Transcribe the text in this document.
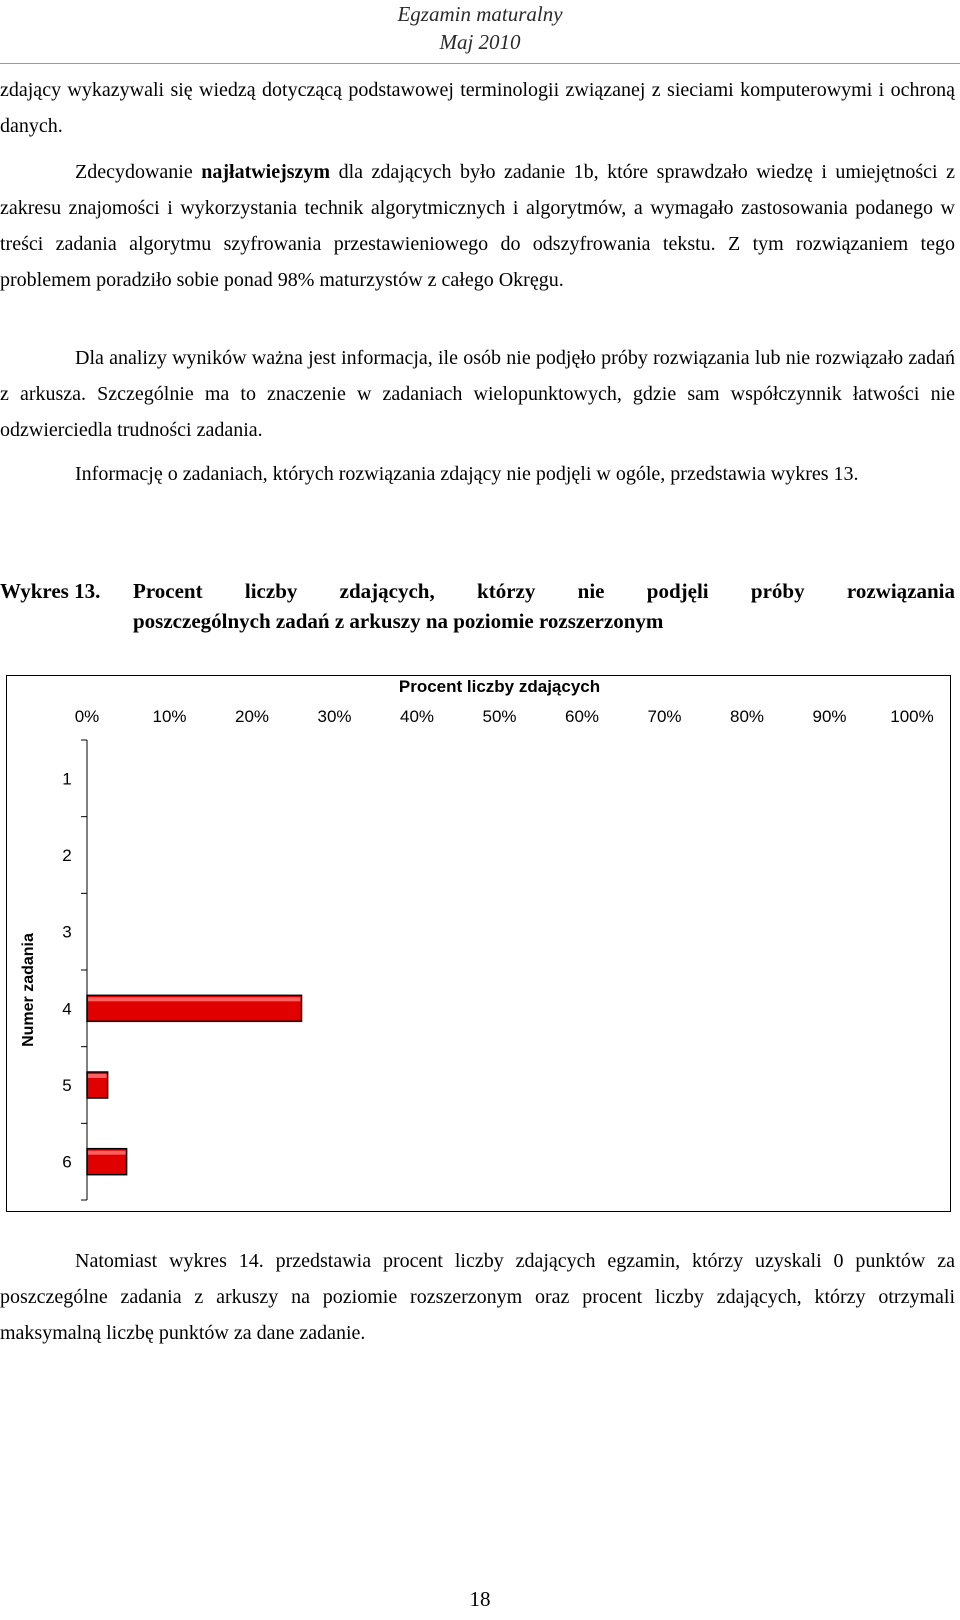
Egzamin maturalny
Maj 2010

zdający wykazywali się wiedzą dotyczącą podstawowej terminologii związanej z sieciami komputerowymi i ochroną danych.

Zdecydowanie najłatwiejszym dla zdających było zadanie 1b, które sprawdzało wiedzę i umiejętności z zakresu znajomości i wykorzystania technik algorytmicznych i algorytmów, a wymagało zastosowania podanego w treści zadania algorytmu szyfrowania przestawieniowego do odszyfrowania tekstu. Z tym rozwiązaniem tego problemem poradziło sobie ponad 98% maturzystów z całego Okręgu.

Dla analizy wyników ważna jest informacja, ile osób nie podjęło próby rozwiązania lub nie rozwiązało zadań z arkusza. Szczególnie ma to znaczenie w zadaniach wielopunktowych, gdzie sam współczynnik łatwości nie odzwierciedla trudności zadania.

Informację o zadaniach, których rozwiązania zdający nie podjęli w ogóle, przedstawia wykres 13.

Wykres 13. Procent liczby zdających, którzy nie podjęli próby rozwiązania
poszczególnych zadań z arkuszy na poziomie rozszerzonym
Procent liczby zdających
0%	10%	20%	30%	40%	50%	60%	70%	80%	90%	100%
Numer zadania
1
2
3
4
5
6

Natomiast wykres 14. przedstawia procent liczby zdających egzamin, którzy uzyskali 0 punktów za poszczególne zadania z arkuszy na poziomie rozszerzonym oraz procent liczby zdających, którzy otrzymali maksymalną liczbę punktów za dane zadanie.

18
